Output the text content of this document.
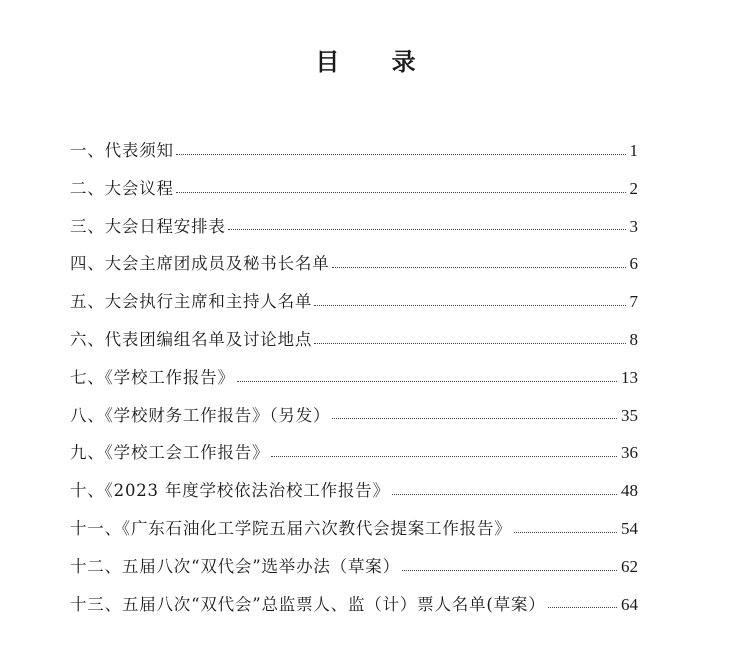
目 录
一、代表须知	1
二、大会议程	2
三、大会日程安排表	3
四、大会主席团成员及秘书长名单	6
五、大会执行主席和主持人名单	7
六、代表团编组名单及讨论地点	8
七、《学校工作报告》	13
八、《学校财务工作报告》（另发）	35
九、《学校工会工作报告》	36
十、《2023 年度学校依法治校工作报告》	48
十一、《广东石油化工学院五届六次教代会提案工作报告》	54
十二、五届八次“双代会”选举办法（草案）	62
十三、五届八次“双代会”总监票人、监（计）票人名单(草案）	64
